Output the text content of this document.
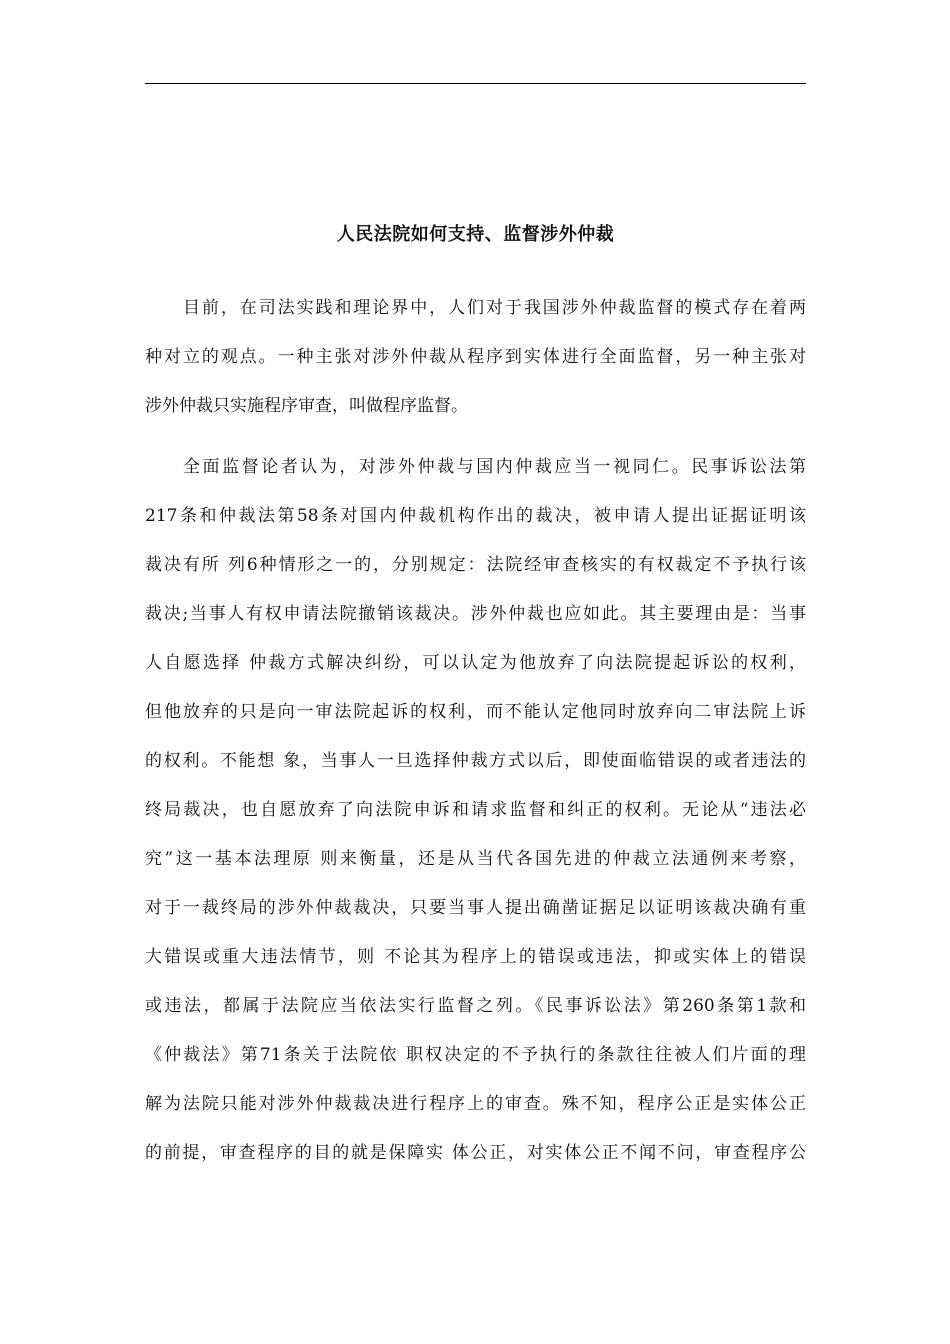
人民法院如何支持、监督涉外仲裁

目前，在司法实践和理论界中，人们对于我国涉外仲裁监督的模式存在着两
种对立的观点。一种主张对涉外仲裁从程序到实体进行全面监督，另一种主张对
涉外仲裁只实施程序审查，叫做程序监督。

全面监督论者认为，对涉外仲裁与国内仲裁应当一视同仁。民事诉讼法第
217条和仲裁法第58条对国内仲裁机构作出的裁决，被申请人提出证据证明该
裁决有所 列6种情形之一的，分别规定：法院经审查核实的有权裁定不予执行该
裁决;当事人有权申请法院撤销该裁决。涉外仲裁也应如此。其主要理由是：当事
人自愿选择 仲裁方式解决纠纷，可以认定为他放弃了向法院提起诉讼的权利，
但他放弃的只是向一审法院起诉的权利，而不能认定他同时放弃向二审法院上诉
的权利。不能想 象，当事人一旦选择仲裁方式以后，即使面临错误的或者违法的
终局裁决，也自愿放弃了向法院申诉和请求监督和纠正的权利。无论从“违法必
究”这一基本法理原 则来衡量，还是从当代各国先进的仲裁立法通例来考察，
对于一裁终局的涉外仲裁裁决，只要当事人提出确凿证据足以证明该裁决确有重
大错误或重大违法情节，则 不论其为程序上的错误或违法，抑或实体上的错误
或违法，都属于法院应当依法实行监督之列。《民事诉讼法》第260条第1款和
《仲裁法》第71条关于法院依 职权决定的不予执行的条款往往被人们片面的理
解为法院只能对涉外仲裁裁决进行程序上的审查。殊不知，程序公正是实体公正
的前提，审查程序的目的就是保障实 体公正，对实体公正不闻不问，审查程序公
